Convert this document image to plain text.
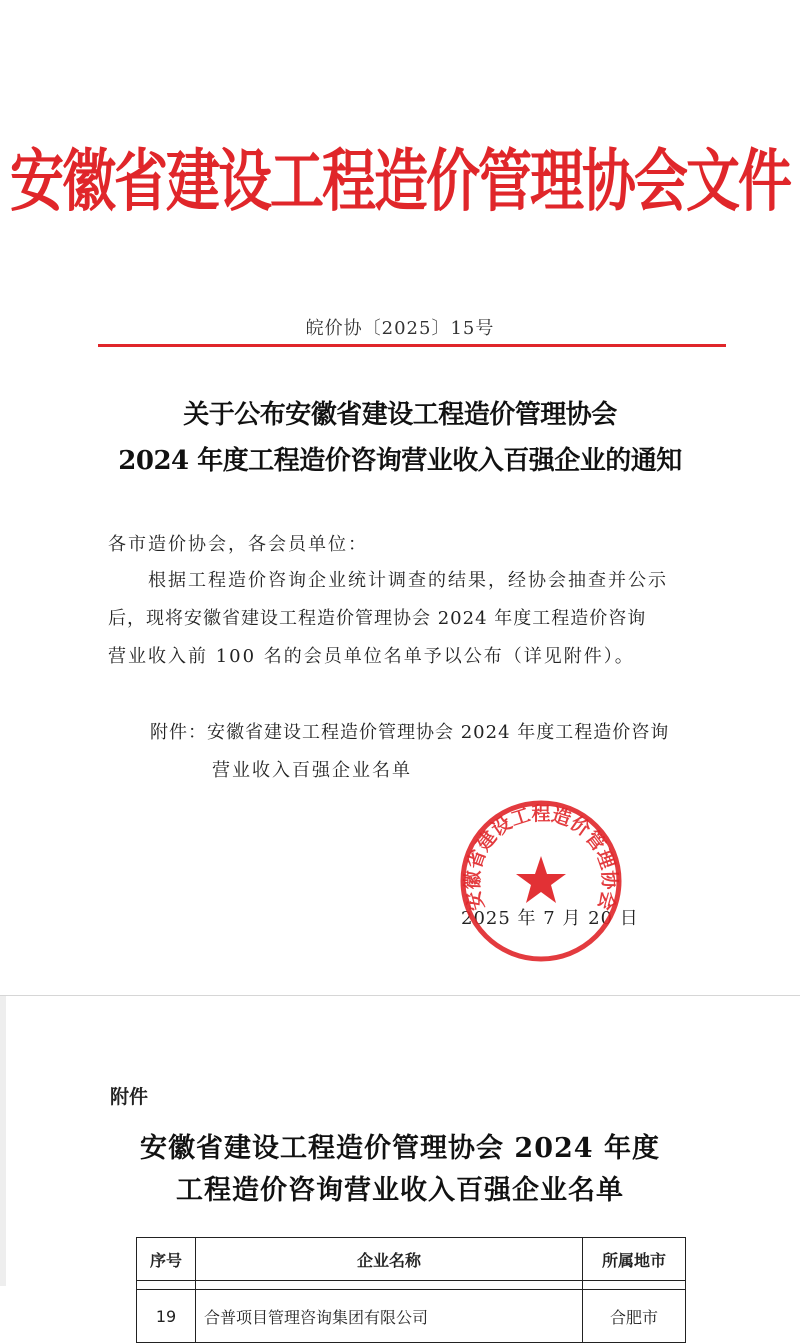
安徽省建设工程造价管理协会文件
皖价协〔2025〕15号
关于公布安徽省建设工程造价管理协会
2024 年度工程造价咨询营业收入百强企业的通知
各市造价协会，各会员单位：
根据工程造价咨询企业统计调查的结果，经协会抽查并公示
后，现将安徽省建设工程造价管理协会 2024 年度工程造价咨询
营业收入前 100 名的会员单位名单予以公布（详见附件）。
附件：安徽省建设工程造价管理协会 2024 年度工程造价咨询
营业收入百强企业名单
2025 年 7 月 20 日
安徽省建设工程造价管理协会
附件
安徽省建设工程造价管理协会 2024 年度
工程造价咨询营业收入百强企业名单
序号	企业名称	所属地市

19	合普项目管理咨询集团有限公司	合肥市
